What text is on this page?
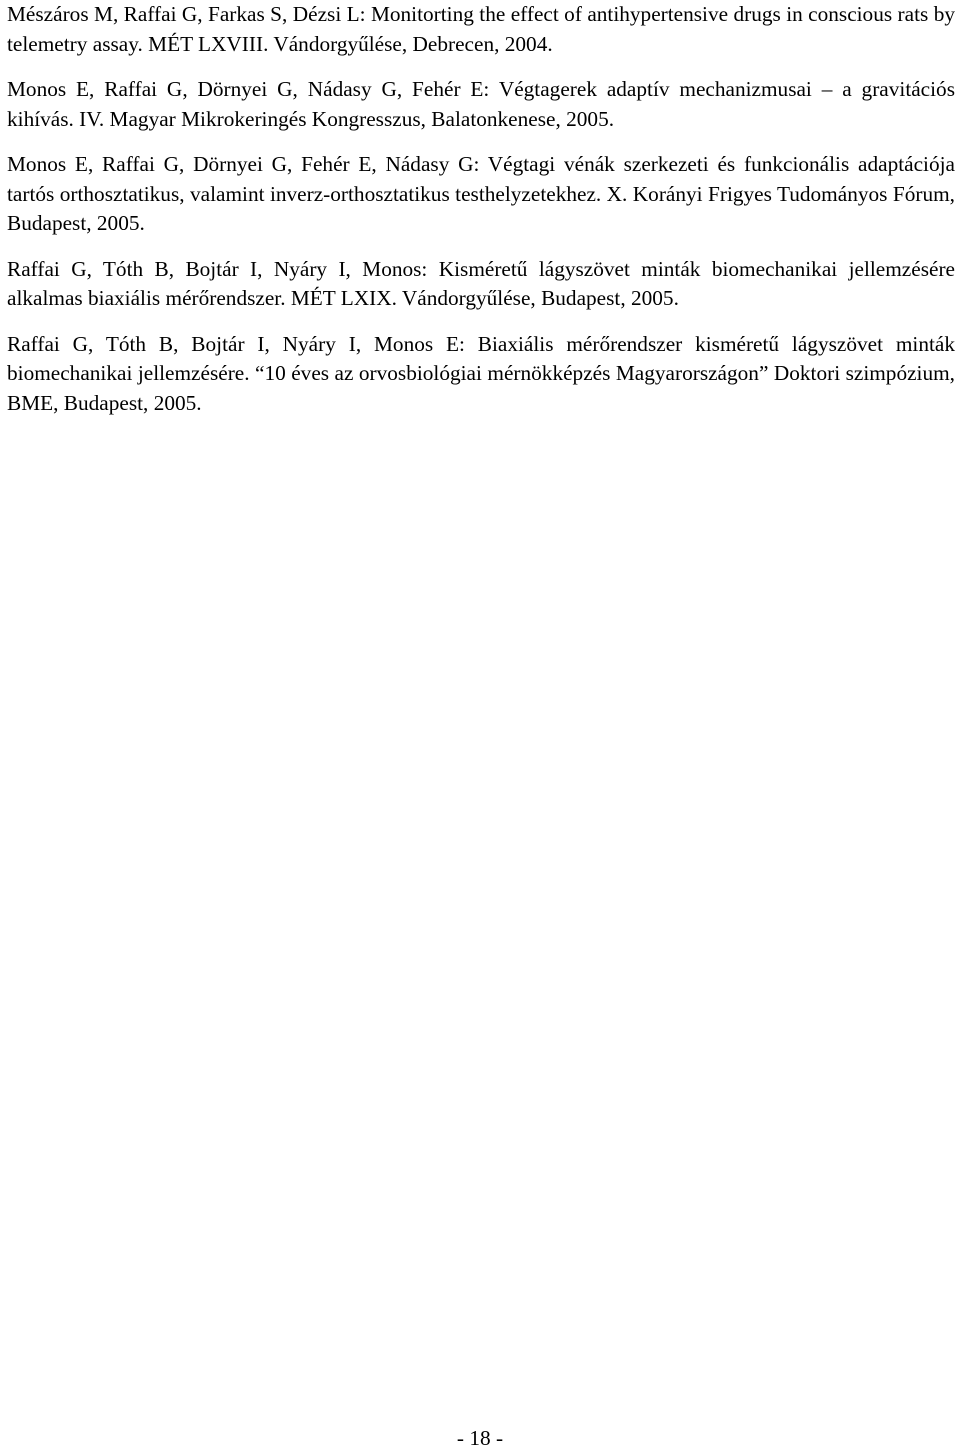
Mészáros M, Raffai G, Farkas S, Dézsi L: Monitorting the effect of antihypertensive drugs in conscious rats by telemetry assay. MÉT LXVIII. Vándorgyűlése, Debrecen, 2004.

Monos E, Raffai G, Dörnyei G, Nádasy G, Fehér E: Végtagerek adaptív mechanizmusai – a gravitációs kihívás. IV. Magyar Mikrokeringés Kongresszus, Balatonkenese, 2005.

Monos E, Raffai G, Dörnyei G, Fehér E, Nádasy G: Végtagi vénák szerkezeti és funkcionális adaptációja tartós orthosztatikus, valamint inverz-orthosztatikus testhelyzetekhez. X. Korányi Frigyes Tudományos Fórum, Budapest, 2005.

Raffai G, Tóth B, Bojtár I, Nyáry I, Monos: Kisméretű lágyszövet minták biomechanikai jellemzésére alkalmas biaxiális mérőrendszer. MÉT LXIX. Vándorgyűlése, Budapest, 2005.

Raffai G, Tóth B, Bojtár I, Nyáry I, Monos E: Biaxiális mérőrendszer kisméretű lágyszövet minták biomechanikai jellemzésére. “10 éves az orvosbiológiai mérnökképzés Magyarországon” Doktori szimpózium, BME, Budapest, 2005.

- 18 -
